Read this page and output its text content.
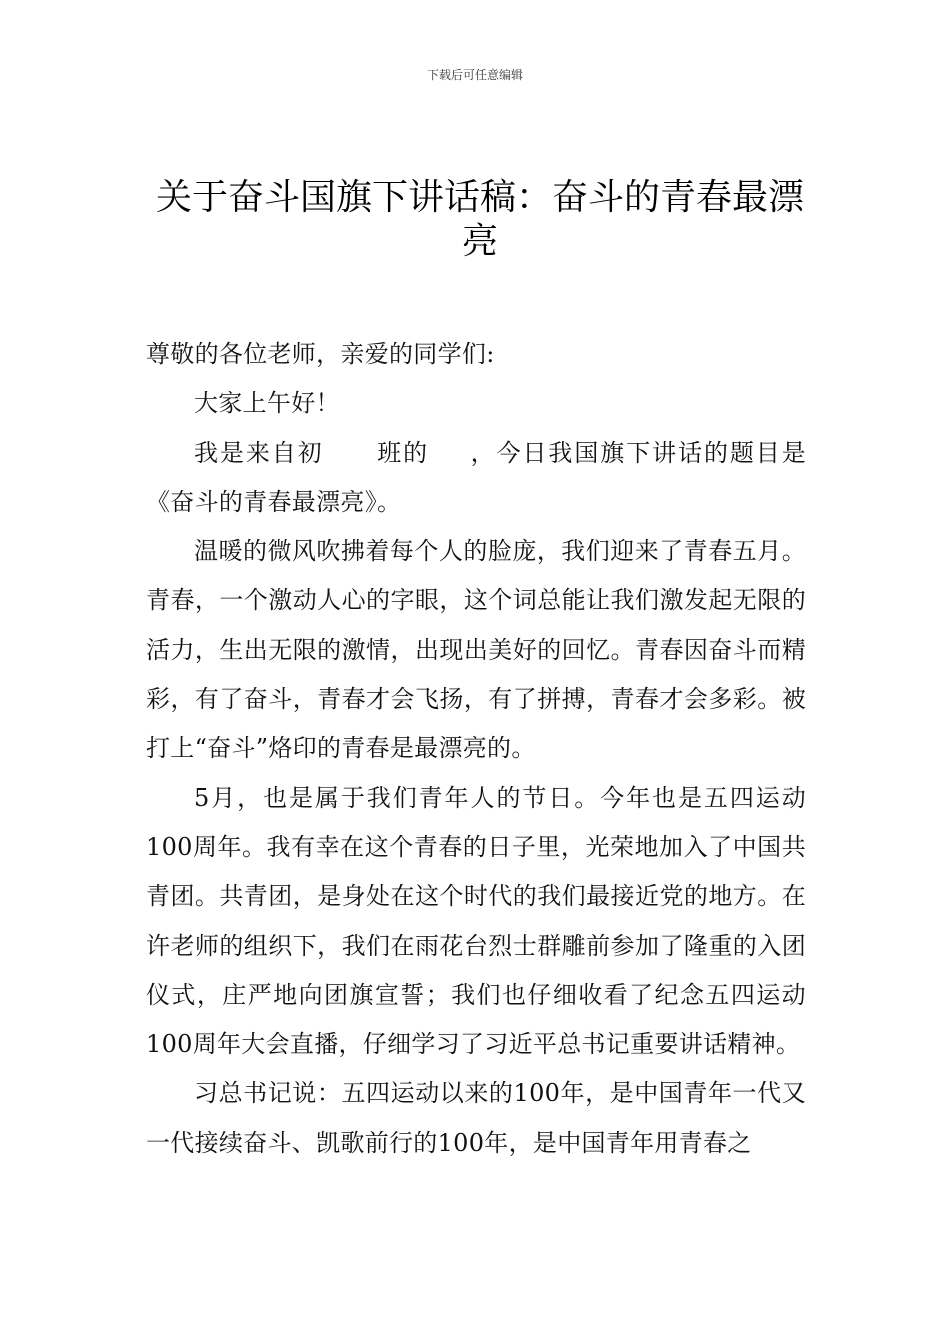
下载后可任意编辑
关于奋斗国旗下讲话稿：奋斗的青春最漂亮

尊敬的各位老师，亲爱的同学们:

大家上午好！

我是来自初 班的 ，今日我国旗下讲话的题目是《奋斗的青春最漂亮》。

温暖的微风吹拂着每个人的脸庞，我们迎来了青春五月。青春，一个激动人心的字眼，这个词总能让我们激发起无限的活力，生出无限的激情，出现出美好的回忆。青春因奋斗而精彩，有了奋斗，青春才会飞扬，有了拼搏，青春才会多彩。被打上“奋斗”烙印的青春是最漂亮的。

5月，也是属于我们青年人的节日。今年也是五四运动100周年。我有幸在这个青春的日子里，光荣地加入了中国共青团。共青团，是身处在这个时代的我们最接近党的地方。在许老师的组织下，我们在雨花台烈士群雕前参加了隆重的入团仪式，庄严地向团旗宣誓；我们也仔细收看了纪念五四运动100周年大会直播，仔细学习了习近平总书记重要讲话精神。

习总书记说：五四运动以来的100年，是中国青年一代又一代接续奋斗、凯歌前行的100年，是中国青年用青春之
